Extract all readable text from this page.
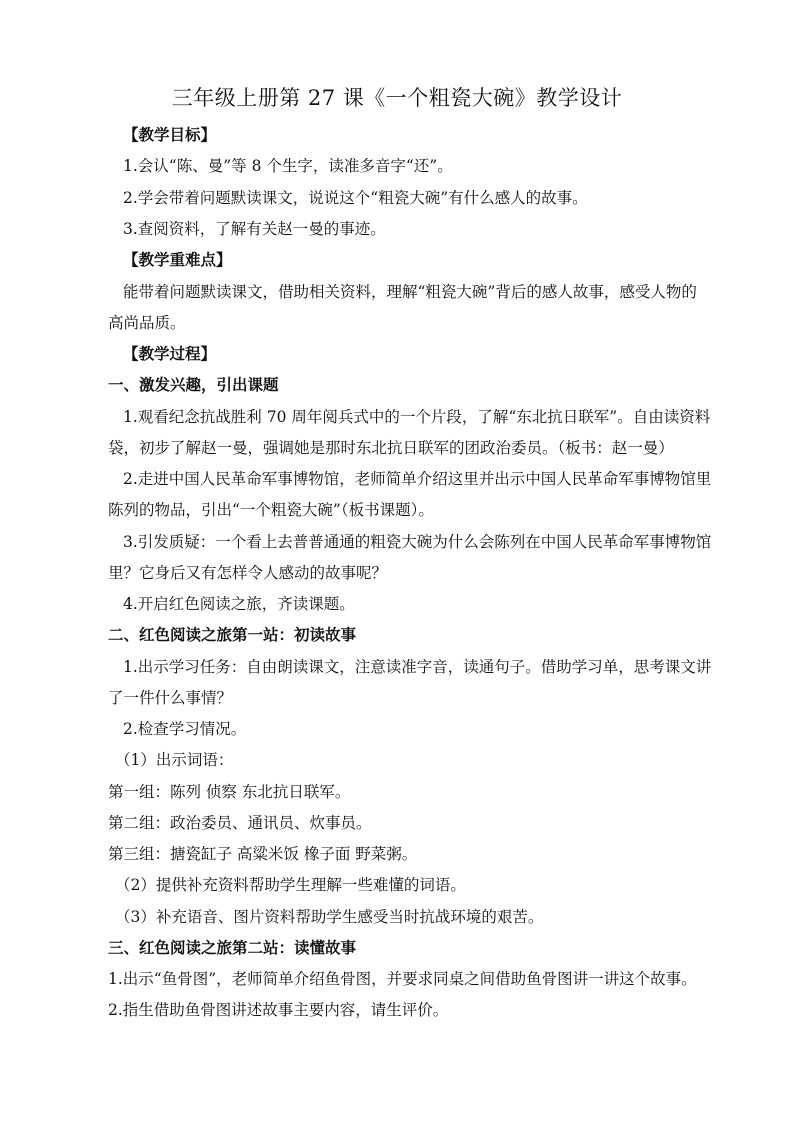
三年级上册第 27 课《一个粗瓷大碗》教学设计
【教学目标】
1.会认“陈、曼”等 8 个生字，读准多音字“还”。
2.学会带着问题默读课文，说说这个“粗瓷大碗”有什么感人的故事。
3.查阅资料，了解有关赵一曼的事迹。
【教学重难点】
能带着问题默读课文，借助相关资料，理解“粗瓷大碗”背后的感人故事，感受人物的
高尚品质。
【教学过程】
一、激发兴趣，引出课题
1.观看纪念抗战胜利 70 周年阅兵式中的一个片段，了解“东北抗日联军”。自由读资料
袋，初步了解赵一曼，强调她是那时东北抗日联军的团政治委员。（板书：赵一曼）
2.走进中国人民革命军事博物馆，老师简单介绍这里并出示中国人民革命军事博物馆里
陈列的物品，引出“一个粗瓷大碗”（板书课题）。
3.引发质疑：一个看上去普普通通的粗瓷大碗为什么会陈列在中国人民革命军事博物馆
里？它身后又有怎样令人感动的故事呢？
4.开启红色阅读之旅，齐读课题。
二、红色阅读之旅第一站：初读故事
1.出示学习任务：自由朗读课文，注意读准字音，读通句子。借助学习单，思考课文讲
了一件什么事情？
2.检查学习情况。
（1）出示词语：
第一组：陈列 侦察 东北抗日联军。
第二组：政治委员、通讯员、炊事员。
第三组：搪瓷缸子 高粱米饭 橡子面 野菜粥。
（2）提供补充资料帮助学生理解一些难懂的词语。
（3）补充语音、图片资料帮助学生感受当时抗战环境的艰苦。
三、红色阅读之旅第二站：读懂故事
1.出示“鱼骨图”，老师简单介绍鱼骨图，并要求同桌之间借助鱼骨图讲一讲这个故事。
2.指生借助鱼骨图讲述故事主要内容，请生评价。
